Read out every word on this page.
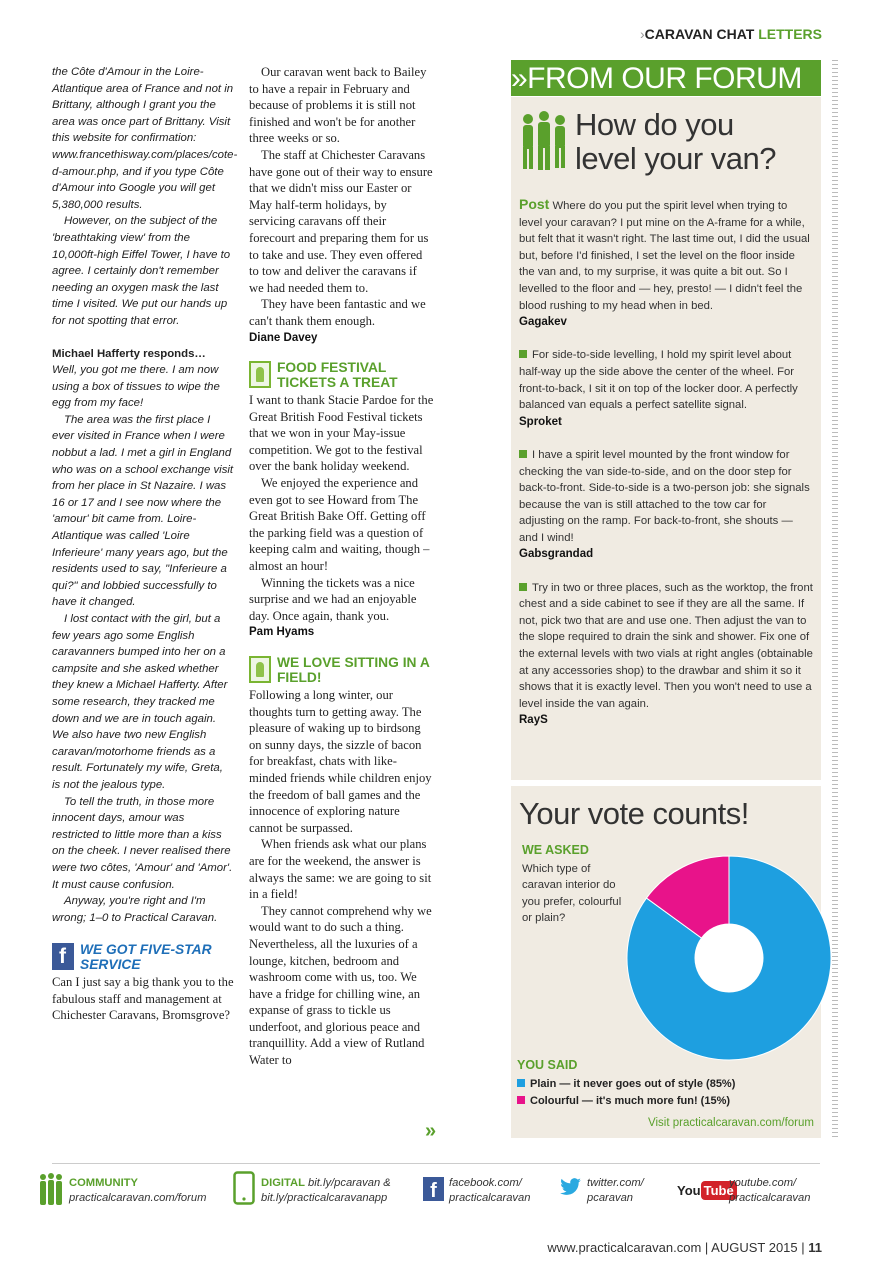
›CARAVAN CHAT LETTERS

the Côte d'Amour in the Loire-Atlantique area of France and not in Brittany, although I grant you the area was once part of Brittany. Visit this website for confirmation: www.francethisway.com/places/cote-d-amour.php, and if you type Côte d'Amour into Google you will get 5,380,000 results.

However, on the subject of the 'breathtaking view' from the 10,000ft-high Eiffel Tower, I have to agree. I certainly don't remember needing an oxygen mask the last time I visited. We put our hands up for not spotting that error.

Michael Hafferty responds…

Well, you got me there. I am now using a box of tissues to wipe the egg from my face!

The area was the first place I ever visited in France when I were nobbut a lad. I met a girl in England who was on a school exchange visit from her place in St Nazaire. I was 16 or 17 and I see now where the 'amour' bit came from. Loire-Atlantique was called 'Loire Inferieure' many years ago, but the residents used to say, "Inferieure a qui?" and lobbied successfully to have it changed.

I lost contact with the girl, but a few years ago some English caravanners bumped into her on a campsite and she asked whether they knew a Michael Hafferty. After some research, they tracked me down and we are in touch again. We also have two new English caravan/motorhome friends as a result. Fortunately my wife, Greta, is not the jealous type.

To tell the truth, in those more innocent days, amour was restricted to little more than a kiss on the cheek. I never realised there were two côtes, 'Amour' and 'Amor'. It must cause confusion.

Anyway, you're right and I'm wrong; 1–0 to Practical Caravan.

f
WE GOT FIVE-STAR SERVICE

Can I just say a big thank you to the fabulous staff and management at Chichester Caravans, Bromsgrove?

Our caravan went back to Bailey to have a repair in February and because of problems it is still not finished and won't be for another three weeks or so.

The staff at Chichester Caravans have gone out of their way to ensure that we didn't miss our Easter or May half-term holidays, by servicing caravans off their forecourt and preparing them for us to take and use. They even offered to tow and deliver the caravans if we had needed them to.

They have been fantastic and we can't thank them enough.

Diane Davey
FOOD FESTIVAL TICKETS A TREAT

I want to thank Stacie Pardoe for the Great British Food Festival tickets that we won in your May-issue competition. We got to the festival over the bank holiday weekend.

We enjoyed the experience and even got to see Howard from The Great British Bake Off. Getting off the parking field was a question of keeping calm and waiting, though – almost an hour!

Winning the tickets was a nice surprise and we had an enjoyable day. Once again, thank you.

Pam Hyams
WE LOVE SITTING IN A FIELD!

Following a long winter, our thoughts turn to getting away. The pleasure of waking up to birdsong on sunny days, the sizzle of bacon for breakfast, chats with like-minded friends while children enjoy the freedom of ball games and the innocence of exploring nature cannot be surpassed.

When friends ask what our plans are for the weekend, the answer is always the same: we are going to sit in a field!

They cannot comprehend why we would want to do such a thing. Nevertheless, all the luxuries of a lounge, kitchen, bedroom and washroom come with us, too. We have a fridge for chilling wine, an expanse of grass to tickle us underfoot, and glorious peace and tranquillity. Add a view of Rutland Water to

»
»FROM OUR FORUM
How do you
level your van?

Post Where do you put the spirit level when trying to level your caravan? I put mine on the A-frame for a while, but felt that it wasn't right. The last time out, I did the usual but, before I'd finished, I set the level on the floor inside the van and, to my surprise, it was quite a bit out. So I levelled to the floor and — hey, presto! — I didn't feel the blood rushing to my head when in bed.
Gagakev

For side-to-side levelling, I hold my spirit level about half-way up the side above the center of the wheel. For front-to-back, I sit it on top of the locker door. A perfectly balanced van equals a perfect satellite signal.
Sproket

I have a spirit level mounted by the front window for checking the van side-to-side, and on the door step for back-to-front. Side-to-side is a two-person job: she signals because the van is still attached to the tow car for adjusting on the ramp. For back-to-front, she shouts — and I wind!
Gabsgrandad

Try in two or three places, such as the worktop, the front chest and a side cabinet to see if they are all the same. If not, pick two that are and use one. Then adjust the van to the slope required to drain the sink and shower. Fix one of the external levels with two vials at right angles (obtainable at any accessories shop) to the drawbar and shim it so it shows that it is exactly level. Then you won't need to use a level inside the van again.
RayS

Your vote counts!
WE ASKED
Which type of caravan interior do you prefer, colourful or plain?
YOU SAID
Plain — it never goes out of style (85%)
Colourful — it's much more fun! (15%)
Visit practicalcaravan.com/forum
COMMUNITY
practicalcaravan.com/forum
DIGITAL bit.ly/pcaravan &
bit.ly/practicalcaravanapp	f	facebook.com/
practicalcaravan
twitter.com/
pcaravan	You Tube
youtube.com/
practicalcaravan
www.practicalcaravan.com | AUGUST 2015 | 11
